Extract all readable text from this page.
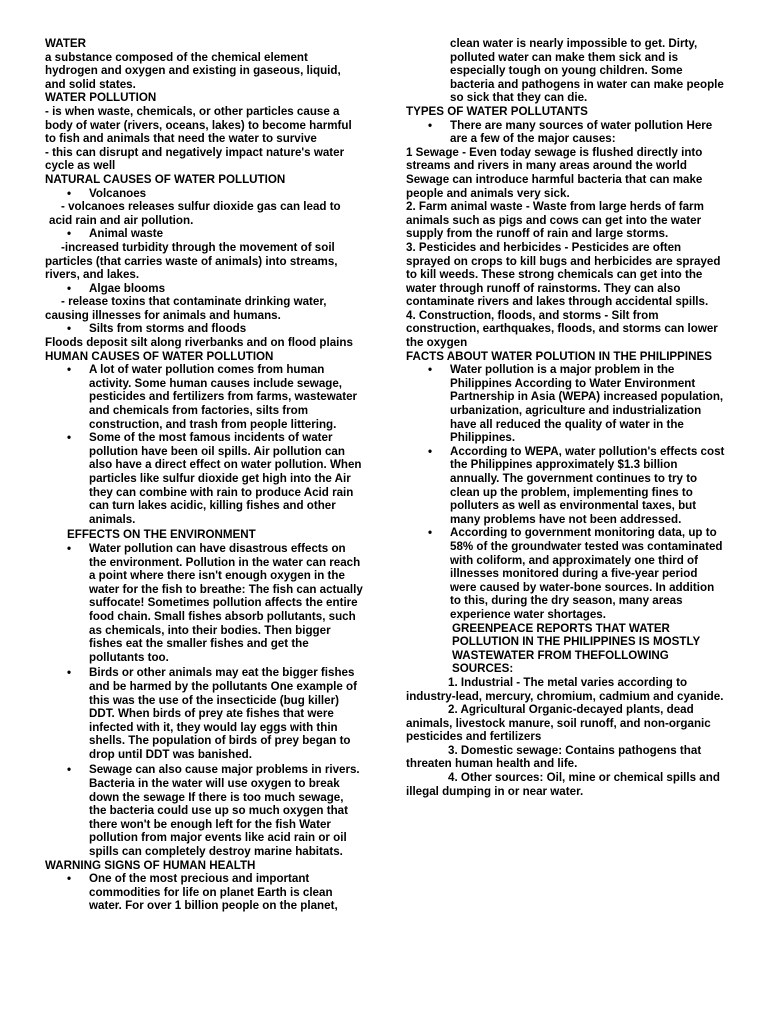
WATER

a substance composed of the chemical element hydrogen and oxygen and existing in gaseous, liquid, and solid states.

WATER POLLUTION

- is when waste, chemicals, or other particles cause a body of water (rivers, oceans, lakes) to become harmful to fish and animals that need the water to survive

- this can disrupt and negatively impact nature's water cycle as well

NATURAL CAUSES OF WATER POLLUTION

• Volcanoes

- volcanoes releases sulfur dioxide gas can lead to acid rain and air pollution.

• Animal waste

-increased turbidity through the movement of soil particles (that carries waste of animals) into streams, rivers, and lakes.

• Algae blooms

- release toxins that contaminate drinking water, causing illnesses for animals and humans.

• Silts from storms and floods

Floods deposit silt along riverbanks and on flood plains

HUMAN CAUSES OF WATER POLLUTION

• A lot of water pollution comes from human activity. Some human causes include sewage, pesticides and fertilizers from farms, wastewater and chemicals from factories, silts from construction, and trash from people littering.

• Some of the most famous incidents of water pollution have been oil spills. Air pollution can also have a direct effect on water pollution. When particles like sulfur dioxide get high into the Air they can combine with rain to produce Acid rain can turn lakes acidic, killing fishes and other animals.

EFFECTS ON THE ENVIRONMENT

• Water pollution can have disastrous effects on the environment. Pollution in the water can reach a point where there isn't enough oxygen in the water for the fish to breathe: The fish can actually suffocate! Sometimes pollution affects the entire food chain. Small fishes absorb pollutants, such as chemicals, into their bodies. Then bigger fishes eat the smaller fishes and get the pollutants too.

• Birds or other animals may eat the bigger fishes and be harmed by the pollutants One example of this was the use of the insecticide (bug killer) DDT. When birds of prey ate fishes that were infected with it, they would lay eggs with thin shells. The population of birds of prey began to drop until DDT was banished.

• Sewage can also cause major problems in rivers. Bacteria in the water will use oxygen to break down the sewage If there is too much sewage, the bacteria could use up so much oxygen that there won't be enough left for the fish Water pollution from major events like acid rain or oil spills can completely destroy marine habitats.

WARNING SIGNS OF HUMAN HEALTH

• One of the most precious and important commodities for life on planet Earth is clean water. For over 1 billion people on the planet,

clean water is nearly impossible to get. Dirty, polluted water can make them sick and is especially tough on young children. Some bacteria and pathogens in water can make people so sick that they can die.

TYPES OF WATER POLLUTANTS

• There are many sources of water pollution Here are a few of the major causes:

1 Sewage - Even today sewage is flushed directly into streams and rivers in many areas around the world Sewage can introduce harmful bacteria that can make people and animals very sick.

2. Farm animal waste - Waste from large herds of farm animals such as pigs and cows can get into the water supply from the runoff of rain and large storms.

3. Pesticides and herbicides - Pesticides are often sprayed on crops to kill bugs and herbicides are sprayed to kill weeds. These strong chemicals can get into the water through runoff of rainstorms. They can also contaminate rivers and lakes through accidental spills.

4. Construction, floods, and storms - Silt from construction, earthquakes, floods, and storms can lower the oxygen

FACTS ABOUT WATER POLUTION IN THE PHILIPPINES

• Water pollution is a major problem in the Philippines According to Water Environment Partnership in Asia (WEPA) increased population, urbanization, agriculture and industrialization have all reduced the quality of water in the Philippines.

• According to WEPA, water pollution's effects cost the Philippines approximately $1.3 billion annually. The government continues to try to clean up the problem, implementing fines to polluters as well as environmental taxes, but many problems have not been addressed.

• According to government monitoring data, up to 58% of the groundwater tested was contaminated with coliform, and approximately one third of illnesses monitored during a five-year period were caused by water-bone sources. In addition to this, during the dry season, many areas experience water shortages.

GREENPEACE REPORTS THAT WATER POLLUTION IN THE PHILIPPINES IS MOSTLY WASTEWATER FROM THEFOLLOWING SOURCES:

1. Industrial - The metal varies according to industry-lead, mercury, chromium, cadmium and cyanide.

2. Agricultural Organic-decayed plants, dead animals, livestock manure, soil runoff, and non-organic pesticides and fertilizers

3. Domestic sewage: Contains pathogens that threaten human health and life.

4. Other sources: Oil, mine or chemical spills and illegal dumping in or near water.
